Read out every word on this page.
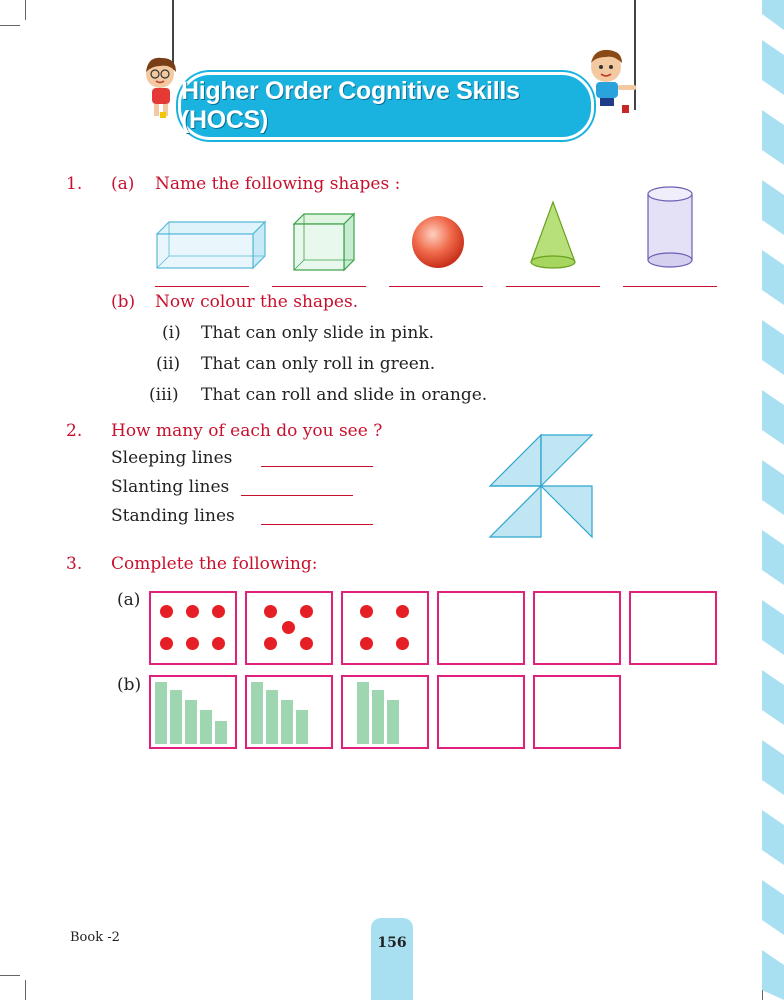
Higher Order Cognitive Skills (HOCS)
1. (a) Name the following shapes :
(b) Now colour the shapes.
(i) That can only slide in pink.
(ii) That can only roll in green.
(iii) That can roll and slide in orange.
2. How many of each do you see ?
Sleeping lines
Slanting lines
Standing lines
3. Complete the following:
(a)
(b)
Book -2	156
